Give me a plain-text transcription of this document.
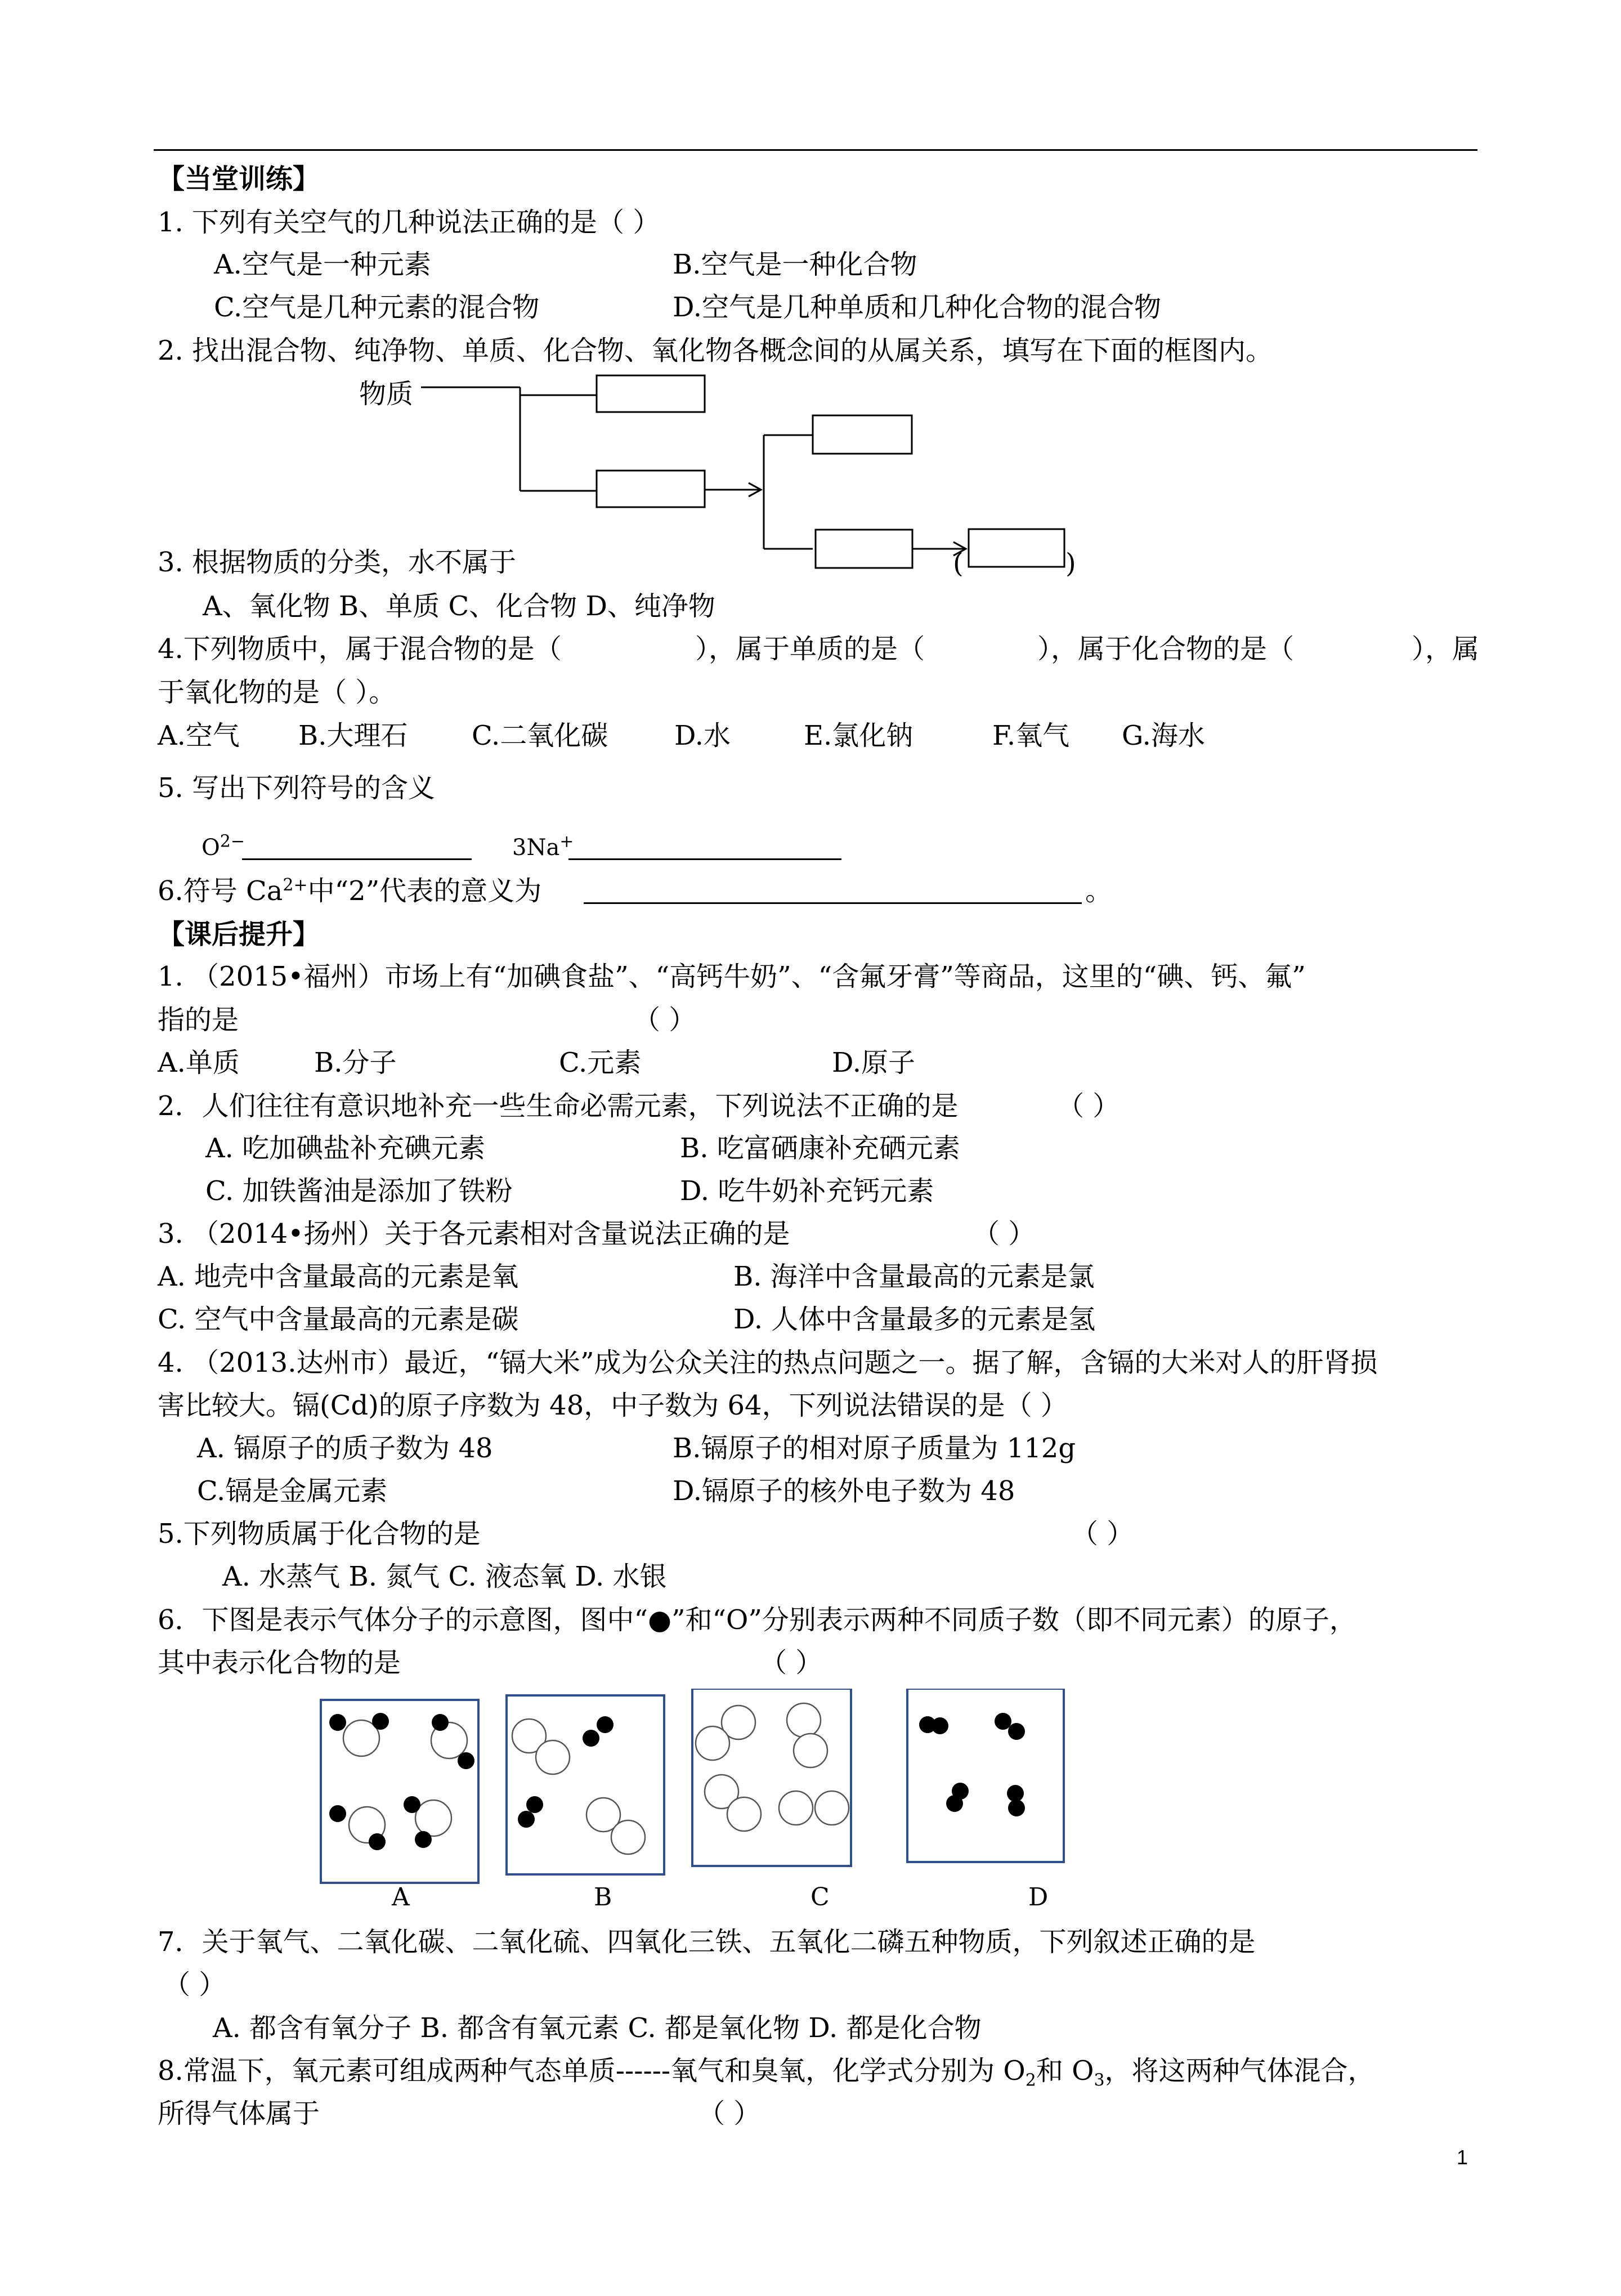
【当堂训练】
1. 下列有关空气的几种说法正确的是（ ）
A.空气是一种元素	B.空气是一种化合物
C.空气是几种元素的混合物	D.空气是几种单质和几种化合物的混合物
2. 找出混合物、纯净物、单质、化合物、氧化物各概念间的从属关系，填写在下面的框图内。
物质
3. 根据物质的分类，水不属于	(	)
A、氧化物 B、单质 C、化合物 D、纯净物
4.下列物质中，属于混合物的是（	），属于单质的是（	），属于化合物的是（	），属
于氧化物的是（ ）。
A.空气 B.大理石 C.二氧化碳 D.水	E.氯化钠	F.氧气 G.海水
5. 写出下列符号的含义
$O^{2-}$	3Na+
6.符号 $Ca^{2+}$中“2”代表的意义为	。
【课后提升】
1. （2015•福州）市场上有“加碘食盐”、“高钙牛奶”、“含氟牙膏”等商品，这里的“碘、钙、氟”
指的是	（ ）
A.单质	B.分子	C.元素	D.原子
2．人们往往有意识地补充一些生命必需元素，下列说法不正确的是	（ ）
A. 吃加碘盐补充碘元素	B. 吃富硒康补充硒元素
C. 加铁酱油是添加了铁粉	D. 吃牛奶补充钙元素
3. （2014•扬州）关于各元素相对含量说法正确的是	（ ）
A. 地壳中含量最高的元素是氧	B. 海洋中含量最高的元素是氯
C. 空气中含量最高的元素是碳	D. 人体中含量最多的元素是氢
4. （2013.达州市）最近，“镉大米”成为公众关注的热点问题之一。据了解，含镉的大米对人的肝肾损
害比较大。镉(Cd)的原子序数为 48，中子数为 64，下列说法错误的是（ ）
A. 镉原子的质子数为 48	B.镉原子的相对原子质量为 112g
C.镉是金属元素	D.镉原子的核外电子数为 48
5.下列物质属于化合物的是	（ ）
A. 水蒸气 B. 氮气 C. 液态氧 D. 水银
6．下图是表示气体分子的示意图，图中“●”和“O”分别表示两种不同质子数（即不同元素）的原子，
其中表示化合物的是	（ ）
A	B	C	D
7．关于氧气、二氧化碳、二氧化硫、四氧化三铁、五氧化二磷五种物质，下列叙述正确的是
（ ）
A. 都含有氧分子 B. 都含有氧元素 C. 都是氧化物 D. 都是化合物
8.常温下，氧元素可组成两种气态单质------氧气和臭氧，化学式分别为 $O_2$和 $O_3$，将这两种气体混合，
所得气体属于	（ ）
1
